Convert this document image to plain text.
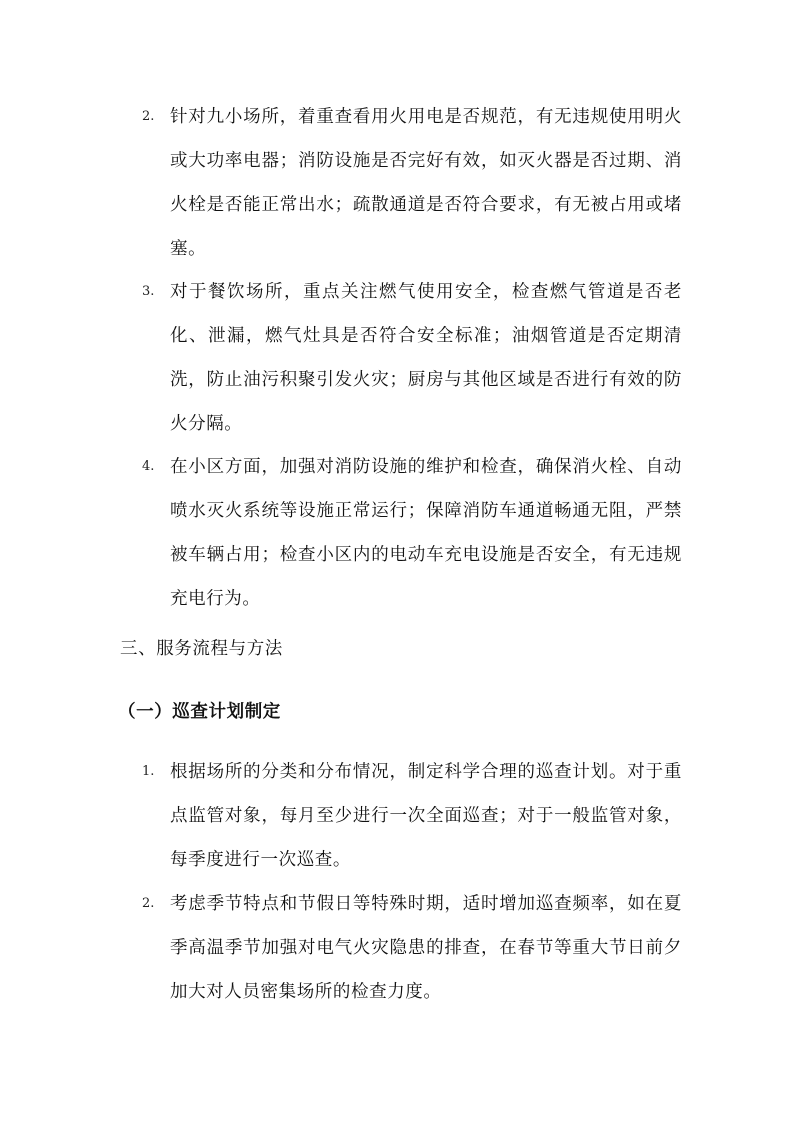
2. 针对九小场所，着重查看用火用电是否规范，有无违规使用明火或大功率电器；消防设施是否完好有效，如灭火器是否过期、消火栓是否能正常出水；疏散通道是否符合要求，有无被占用或堵塞。
3. 对于餐饮场所，重点关注燃气使用安全，检查燃气管道是否老化、泄漏，燃气灶具是否符合安全标准；油烟管道是否定期清洗，防止油污积聚引发火灾；厨房与其他区域是否进行有效的防火分隔。
4. 在小区方面，加强对消防设施的维护和检查，确保消火栓、自动喷水灭火系统等设施正常运行；保障消防车通道畅通无阻，严禁被车辆占用；检查小区内的电动车充电设施是否安全，有无违规充电行为。
三、服务流程与方法
（一）巡查计划制定
1. 根据场所的分类和分布情况，制定科学合理的巡查计划。对于重点监管对象，每月至少进行一次全面巡查；对于一般监管对象，每季度进行一次巡查。
2. 考虑季节特点和节假日等特殊时期，适时增加巡查频率，如在夏季高温季节加强对电气火灾隐患的排查，在春节等重大节日前夕加大对人员密集场所的检查力度。
